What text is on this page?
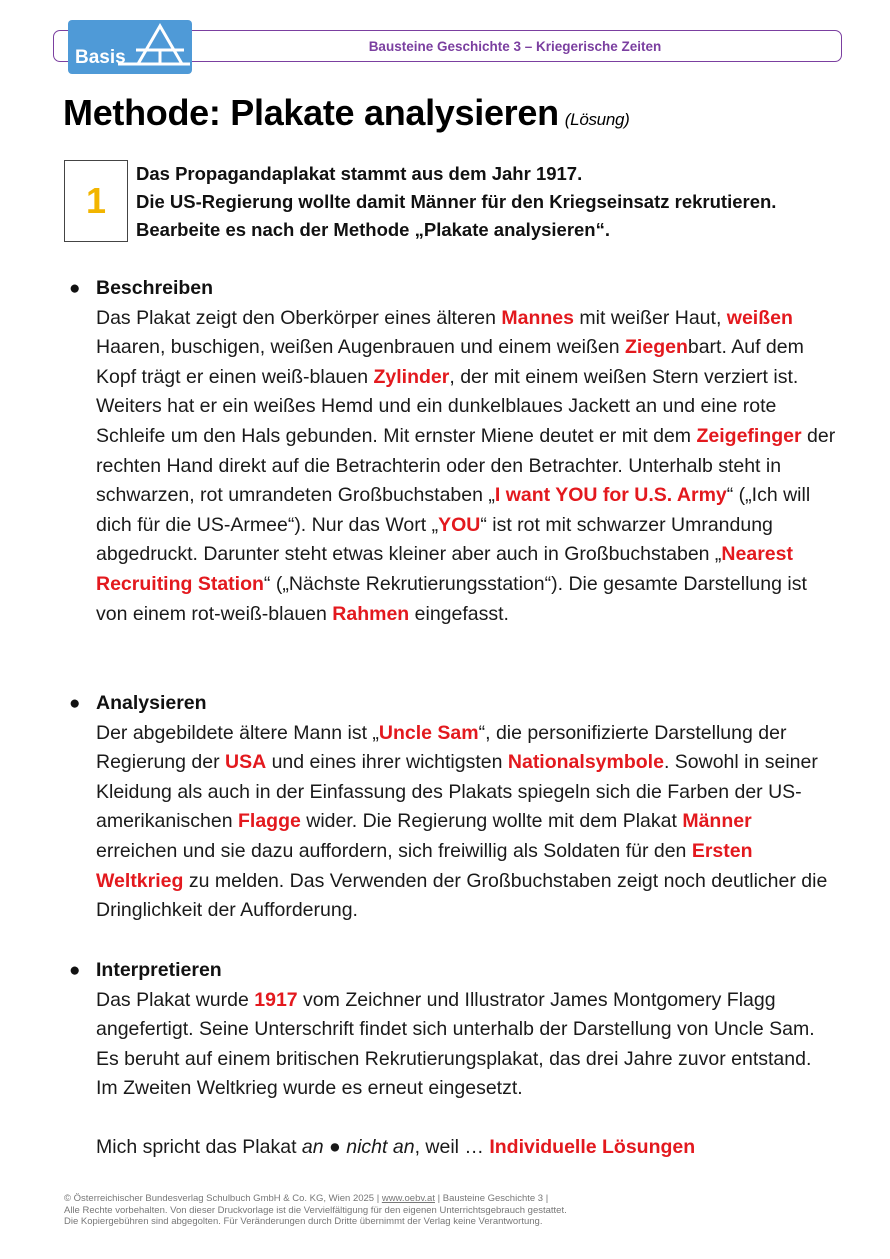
Bausteine Geschichte 3 – Kriegerische Zeiten
Basis
Methode: Plakate analysieren (Lösung)
1
Das Propagandaplakat stammt aus dem Jahr 1917.
Die US-Regierung wollte damit Männer für den Kriegseinsatz rekrutieren.
Bearbeite es nach der Methode „Plakate analysieren“.
● Beschreiben
Das Plakat zeigt den Oberkörper eines älteren Mannes mit weißer Haut, weißen Haaren, buschigen, weißen Augenbrauen und einem weißen Ziegenbart. Auf dem Kopf trägt er einen weiß-blauen Zylinder, der mit einem weißen Stern verziert ist. Weiters hat er ein weißes Hemd und ein dunkelblaues Jackett an und eine rote Schleife um den Hals gebunden. Mit ernster Miene deutet er mit dem Zeigefinger der rechten Hand direkt auf die Betrachterin oder den Betrachter. Unterhalb steht in schwarzen, rot umrandeten Großbuchstaben „I want YOU for U.S. Army“ („Ich will dich für die US-Armee“). Nur das Wort „YOU“ ist rot mit schwarzer Umrandung abgedruckt. Darunter steht etwas kleiner aber auch in Großbuchstaben „Nearest Recruiting Station“ („Nächste Rekrutierungsstation“). Die gesamte Darstellung ist von einem rot-weiß-blauen Rahmen eingefasst.
● Analysieren
Der abgebildete ältere Mann ist „Uncle Sam“, die personifizierte Darstellung der Regierung der USA und eines ihrer wichtigsten Nationalsymbole. Sowohl in seiner Kleidung als auch in der Einfassung des Plakats spiegeln sich die Farben der US-amerikanischen Flagge wider. Die Regierung wollte mit dem Plakat Männer erreichen und sie dazu auffordern, sich freiwillig als Soldaten für den Ersten Weltkrieg zu melden. Das Verwenden der Großbuchstaben zeigt noch deutlicher die Dringlichkeit der Aufforderung.
● Interpretieren
Das Plakat wurde 1917 vom Zeichner und Illustrator James Montgomery Flagg angefertigt. Seine Unterschrift findet sich unterhalb der Darstellung von Uncle Sam. Es beruht auf einem britischen Rekrutierungsplakat, das drei Jahre zuvor entstand. Im Zweiten Weltkrieg wurde es erneut eingesetzt.
Mich spricht das Plakat an ● nicht an, weil … Individuelle Lösungen
© Österreichischer Bundesverlag Schulbuch GmbH & Co. KG, Wien 2025 | www.oebv.at | Bausteine Geschichte 3 |
Alle Rechte vorbehalten. Von dieser Druckvorlage ist die Vervielfältigung für den eigenen Unterrichtsgebrauch gestattet.
Die Kopiergebühren sind abgegolten. Für Veränderungen durch Dritte übernimmt der Verlag keine Verantwortung.
